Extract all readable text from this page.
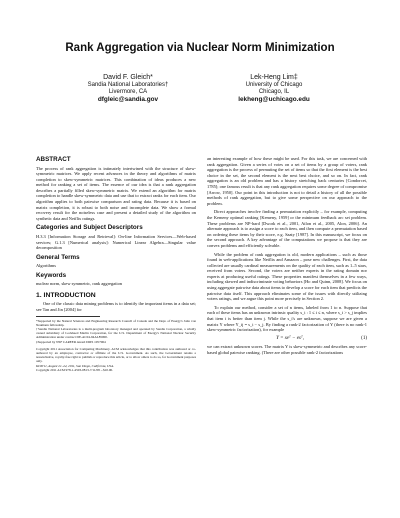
Rank Aggregation via Nuclear Norm Minimization
David F. Gleich*
Sandia National Laboratories†
Livermore, CA
dfgleic@sandia.gov
Lek-Heng Lim‡
University of Chicago
Chicago, IL
lekheng@uchicago.edu
ABSTRACT

The process of rank aggregation is intimately intertwined with the structure of skew-symmetric matrices. We apply recent advances in the theory and algorithms of matrix completion to skew-symmetric matrices. This combination of ideas produces a new method for ranking a set of items. The essence of our idea is that a rank aggregation describes a partially filled skew-symmetric matrix. We extend an algorithm for matrix completion to handle skew-symmetric data and use that to extract ranks for each item. Our algorithm applies to both pairwise comparison and rating data. Because it is based on matrix completion, it is robust to both noise and incomplete data. We show a formal recovery result for the noiseless case and present a detailed study of the algorithm on synthetic data and Netflix ratings.

Categories and Subject Descriptors

H.3.3 [Information Storage and Retrieval]: On-line Information Services—Web-based services; G.1.3 [Numerical analysis]: Numerical Linear Algebra—Singular value decomposition

General Terms

Algorithms

Keywords

nuclear norm, skew symmetric, rank aggregation

1. INTRODUCTION

One of the classic data mining problems is to identify the important items in a data set; see Tan and Jin [2004] for

*Supported by the Natural Sciences and Engineering Research Council of Canada and the Dept. of Energy's John von Neumann fellowship.

†Sandia National Laboratories is a multi-program laboratory managed and operated by Sandia Corporation, a wholly owned subsidiary of Lockheed Martin Corporation, for the U.S. Department of Energy's National Nuclear Security Administration under contract DE-AC04-94AL85000.

‡Supported by NSF CAREER Award DMS 1057064

Copyright 2011 Association for Computing Machinery. ACM acknowledges that this contribution was authored or co-authored by an employee, contractor or affiliate of the U.S. Government. As such, the Government retains a nonexclusive, royalty-free right to publish or reproduce this article, or to allow others to do so, for Government purposes only.

KDD'11, August 21–24, 2011, San Diego, California, USA.

Copyright 2011 ACM 978-1-4503-0813-7/11/08 ...$10.00.

an interesting example of how these might be used. For this task, we are concerned with rank aggregation. Given a series of votes on a set of items by a group of voters, rank aggregation is the process of permuting the set of items so that the first element is the best choice in the set, the second element is the next best choice, and so on. In fact, rank aggregation is an old problem and has a history stretching back centuries [Condorcet, 1785]; one famous result is that any rank aggregation requires some degree of compromise [Arrow, 1950]. Our point in this introduction is not to detail a history of all the possible methods of rank aggregation, but to give some perspective on our approach to the problem.

Direct approaches involve finding a permutation explicitly – for example, computing the Kemeny optimal ranking [Kemeny, 1959] or the minimum feedback arc set problem. These problems are NP-hard [Dwork et al., 2001, Ailon et al., 2005, Alon, 2006]. An alternate approach is to assign a score to each item, and then compute a permutation based on ordering these items by their score, e.g. Saaty [1987]. In this manuscript, we focus on the second approach. A key advantage of the computations we propose is that they are convex problems and efficiently solvable.

While the problem of rank aggregation is old, modern applications – such as those found in web-applications like Netflix and Amazon – pose new challenges. First, the data collected are usually cardinal measurements on the quality of each item, such as 1–5 stars, received from voters. Second, the voters are neither experts in the rating domain nor experts at producing useful ratings. These properties manifest themselves in a few ways, including skewed and indiscriminate voting behaviors [Ho and Quinn, 2008]. We focus on using aggregate pairwise data about items to develop a score for each item that predicts the pairwise data itself. This approach eliminates some of the issues with directly utilizing voters ratings, and we argue this point more precisely in Section 2.

To explain our method, consider a set of n items, labeled from 1 to n. Suppose that each of these items has an unknown intrinsic quality s_i : 1 ≤ i ≤ n, where s_i > s_j implies that item i is better than item j. While the s_i's are unknown, suppose we are given a matrix Y where Y_ij = s_i − s_j. By finding a rank-2 factorization of Y (there is no rank-1 skew-symmetric factorization), for example

Y = seᵀ − esᵀ,	(1)

we can extract unknown scores. The matrix Y is skew-symmetric and describes any score-based global pairwise ranking. (There are other possible rank-2 factorizations
